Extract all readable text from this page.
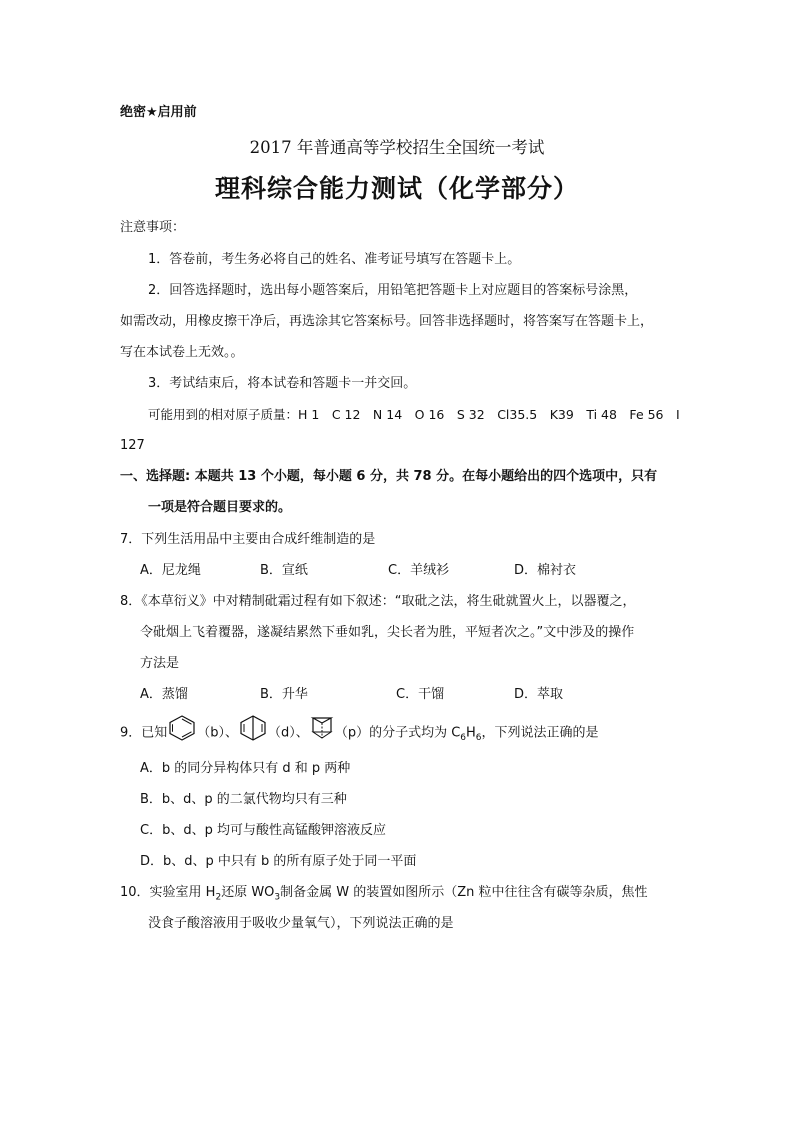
绝密★启用前
2017 年普通高等学校招生全国统一考试
理科综合能力测试（化学部分）
注意事项：
1．答卷前，考生务必将自己的姓名、准考证号填写在答题卡上。
2．回答选择题时，选出每小题答案后，用铅笔把答题卡上对应题目的答案标号涂黑，
如需改动，用橡皮擦干净后，再选涂其它答案标号。回答非选择题时，将答案写在答题卡上，
写在本试卷上无效。。
3．考试结束后，将本试卷和答题卡一并交回。
可能用到的相对原子质量：H 1　C 12　N 14　O 16　S 32　Cl35.5　K39　Ti 48　Fe 56　I
127
一、选择题: 本题共 13 个小题，每小题 6 分，共 78 分。在每小题给出的四个选项中，只有
一项是符合题目要求的。
7．下列生活用品中主要由合成纤维制造的是
A．尼龙绳	B．宣纸	C．羊绒衫	D．棉衬衣
8．《本草衍义》中对精制砒霜过程有如下叙述：“取砒之法，将生砒就置火上，以器覆之，
令砒烟上飞着覆器，遂凝结累然下垂如乳，尖长者为胜，平短者次之。”文中涉及的操作
方法是
A．蒸馏	B．升华	C．干馏	D．萃取
9．已知 （b）、 （d）、 （p）的分子式均为 $C_6H_6$，下列说法正确的是
A．b 的同分异构体只有 d 和 p 两种
B．b、d、p 的二氯代物均只有三种
C．b、d、p 均可与酸性高锰酸钾溶液反应
D．b、d、p 中只有 b 的所有原子处于同一平面
10．实验室用 $H_2$还原 $WO_3$制备金属 W 的装置如图所示（Zn 粒中往往含有碳等杂质，焦性
没食子酸溶液用于吸收少量氧气），下列说法正确的是
